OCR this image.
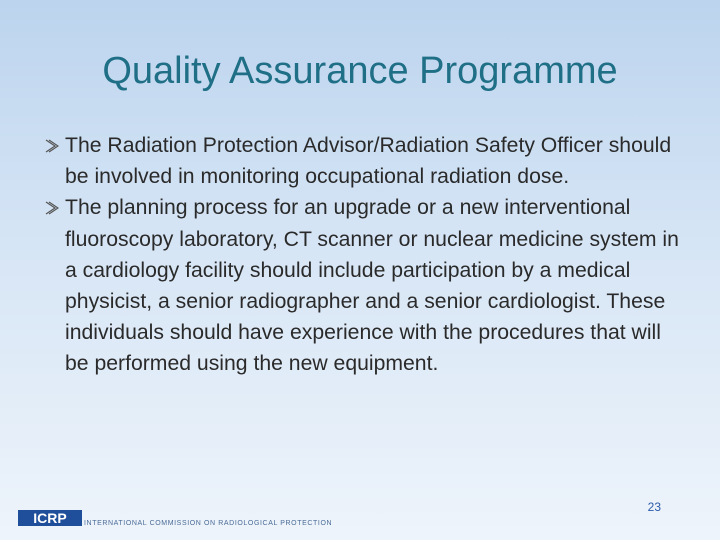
Quality Assurance Programme
The Radiation Protection Advisor/Radiation Safety Officer should be involved in monitoring occupational radiation dose.
The planning process for an upgrade or a new interventional fluoroscopy laboratory, CT scanner or nuclear medicine system in a cardiology facility should include participation by a medical physicist, a senior radiographer and a senior cardiologist. These individuals should have experience with the procedures that will be performed using the new equipment.
23
ICRP INTERNATIONAL COMMISSION ON RADIOLOGICAL PROTECTION
